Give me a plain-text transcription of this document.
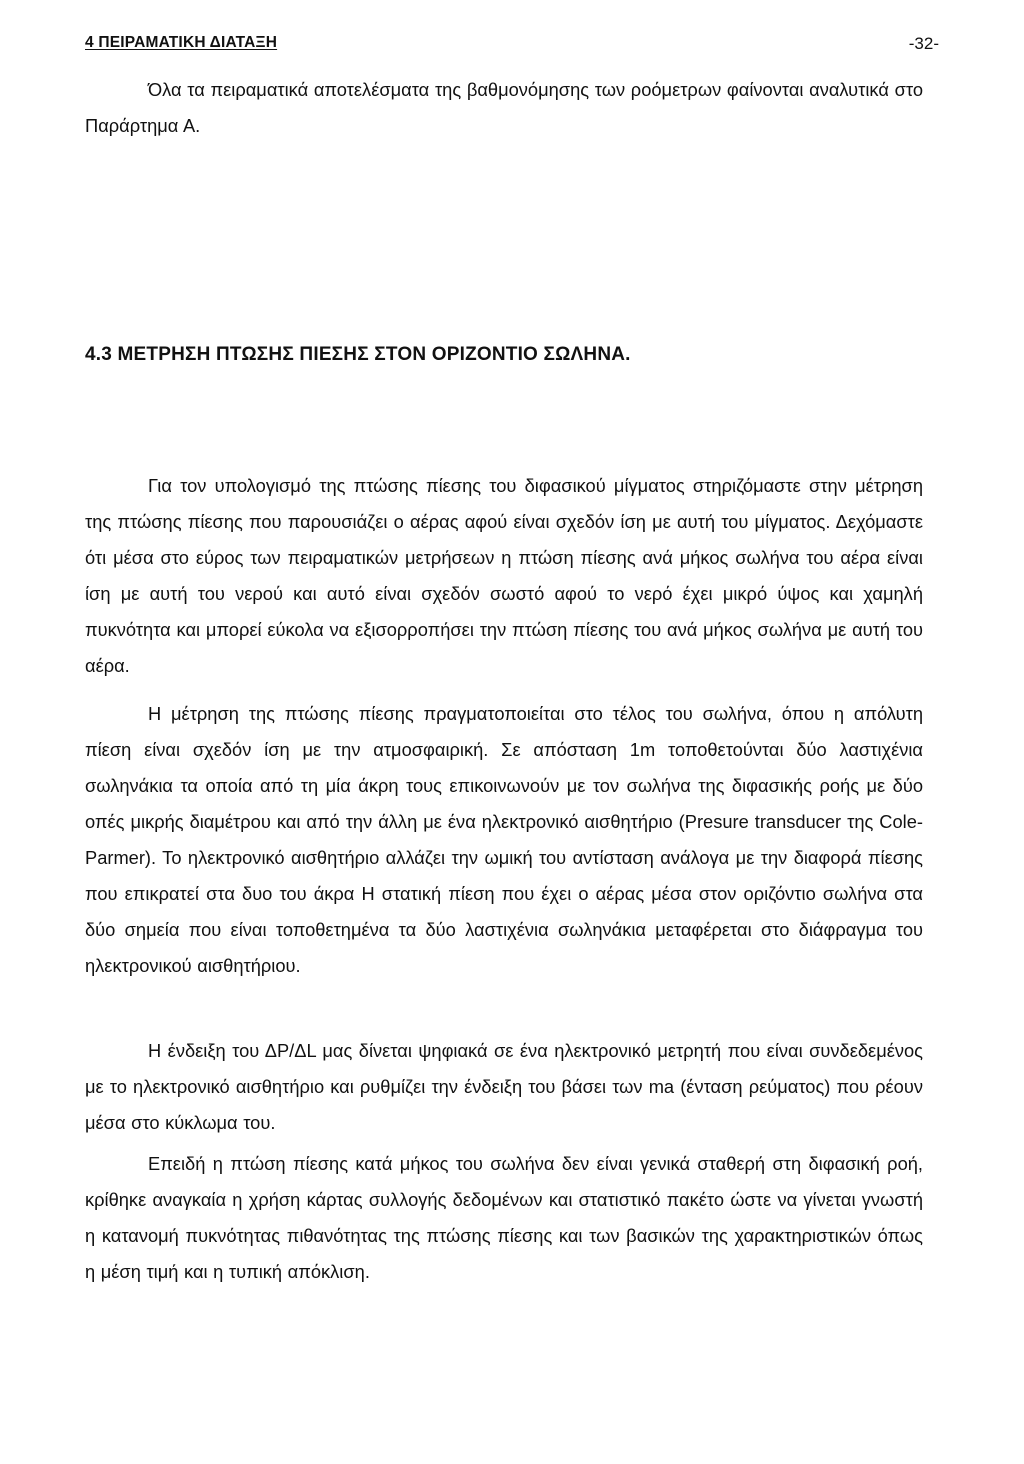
4 ΠΕΙΡΑΜΑΤΙΚΗ ΔΙΑΤΑΞΗ	-32-

Όλα τα πειραματικά αποτελέσματα της βαθμονόμησης των ροόμετρων φαίνονται αναλυτικά στο Παράρτημα Α.

4.3 ΜΕΤΡΗΣΗ ΠΤΩΣΗΣ ΠΙΕΣΗΣ ΣΤΟΝ ΟΡΙΖΟΝΤΙΟ ΣΩΛΗΝΑ.

Για τον υπολογισμό της πτώσης πίεσης του διφασικού μίγματος στηριζόμαστε στην μέτρηση της πτώσης πίεσης που παρουσιάζει ο αέρας αφού είναι σχεδόν ίση με αυτή του μίγματος. Δεχόμαστε ότι μέσα στο εύρος των πειραματικών μετρήσεων η πτώση πίεσης ανά μήκος σωλήνα του αέρα είναι ίση με αυτή του νερού και αυτό είναι σχεδόν σωστό αφού το νερό έχει μικρό ύψος και χαμηλή πυκνότητα και μπορεί εύκολα να εξισορροπήσει την πτώση πίεσης του ανά μήκος σωλήνα με αυτή του αέρα.

Η μέτρηση της πτώσης πίεσης πραγματοποιείται στο τέλος του σωλήνα, όπου η απόλυτη πίεση είναι σχεδόν ίση με την ατμοσφαιρική. Σε απόσταση 1m τοποθετούνται δύο λαστιχένια σωληνάκια τα οποία από τη μία άκρη τους επικοινωνούν με τον σωλήνα της διφασικής ροής με δύο οπές μικρής διαμέτρου και από την άλλη με ένα ηλεκτρονικό αισθητήριο (Presure transducer της Cole-Parmer). Το ηλεκτρονικό αισθητήριο αλλάζει την ωμική του αντίσταση ανάλογα με την διαφορά πίεσης που επικρατεί στα δυο του άκρα Η στατική πίεση που έχει ο αέρας μέσα στον οριζόντιο σωλήνα στα δύο σημεία που είναι τοποθετημένα τα δύο λαστιχένια σωληνάκια μεταφέρεται στο διάφραγμα του ηλεκτρονικού αισθητήριου.

Η ένδειξη του ΔΡ/ΔL μας δίνεται ψηφιακά σε ένα ηλεκτρονικό μετρητή που είναι συνδεδεμένος με το ηλεκτρονικό αισθητήριο και ρυθμίζει την ένδειξη του βάσει των ma (ένταση ρεύματος) που ρέουν μέσα στο κύκλωμα του.

Επειδή η πτώση πίεσης κατά μήκος του σωλήνα δεν είναι γενικά σταθερή στη διφασική ροή, κρίθηκε αναγκαία η χρήση κάρτας συλλογής δεδομένων και στατιστικό πακέτο ώστε να γίνεται γνωστή η κατανομή πυκνότητας πιθανότητας της πτώσης πίεσης και των βασικών της χαρακτηριστικών όπως η μέση τιμή και η τυπική απόκλιση.
